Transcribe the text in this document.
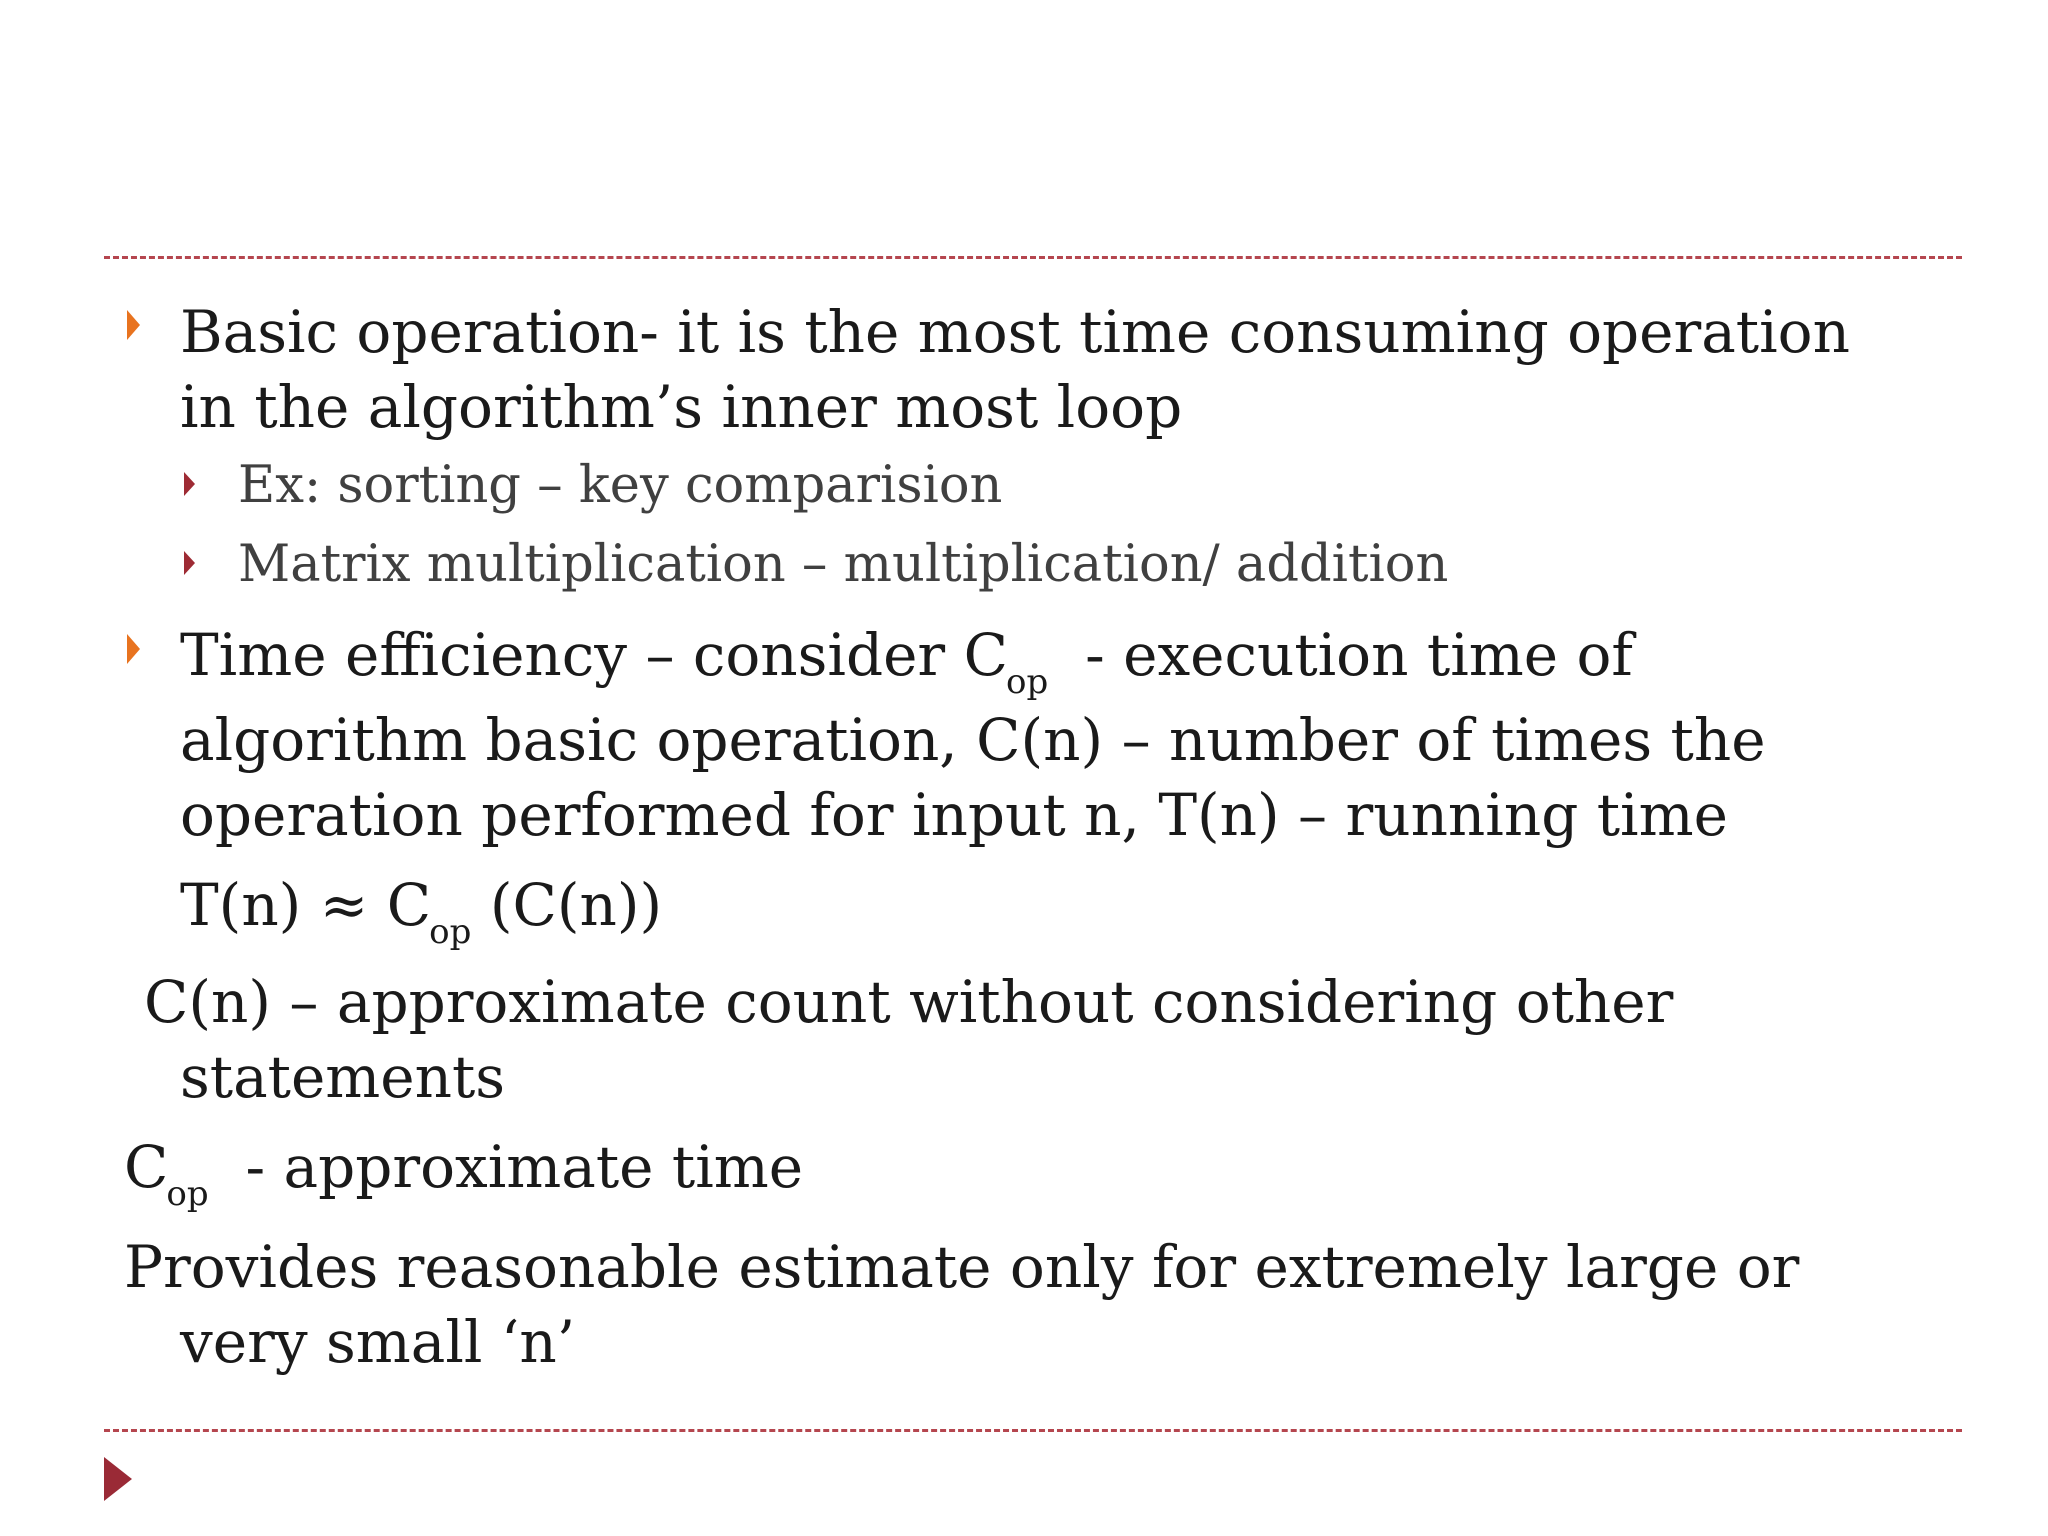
Basic operation- it is the most time consuming operation
in the algorithm’s inner most loop
Ex: sorting – key comparision
Matrix multiplication – multiplication/ addition
Time efficiency – consider $C_{op}$  - execution time of
algorithm basic operation, C(n) – number of times the
operation performed for input n, T(n) – running time
$T(n) \approx C_{op}$ (C(n))
C(n) – approximate count without considering other
statements
$C_{op}$  - approximate time
Provides reasonable estimate only for extremely large or
very small ‘n’
